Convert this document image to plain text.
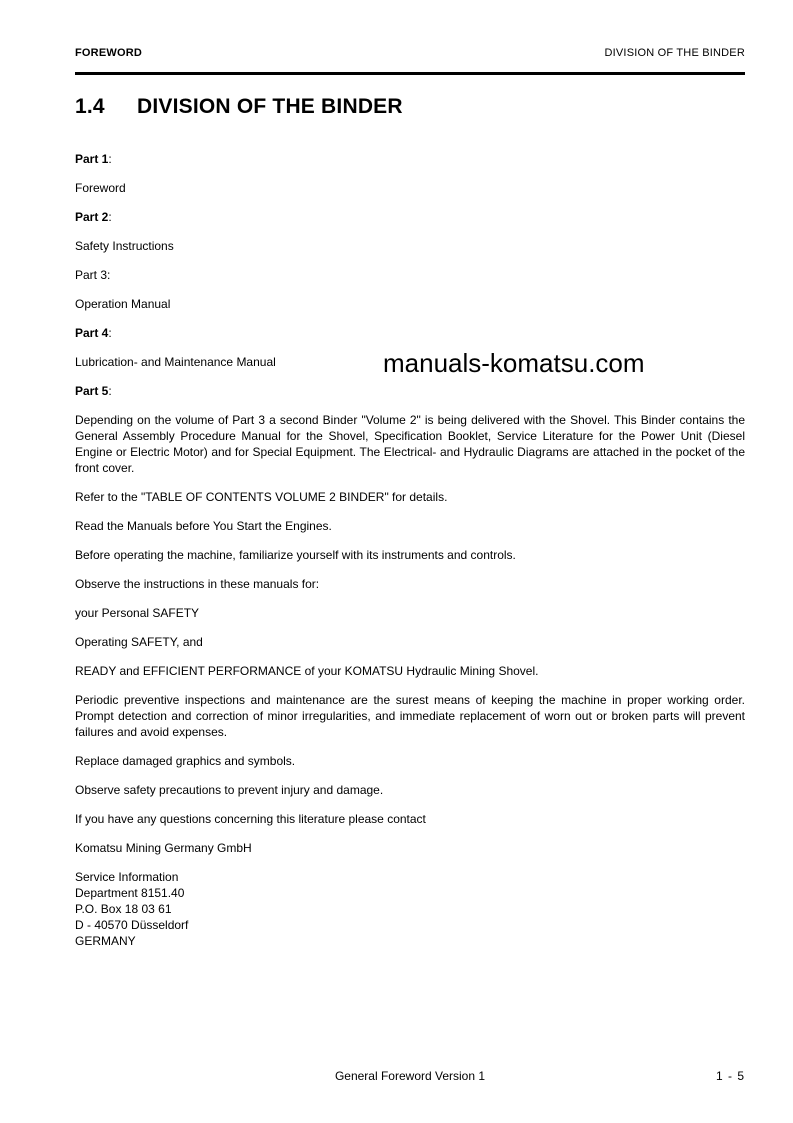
FOREWORD	DIVISION OF THE BINDER
1.4 DIVISION OF THE BINDER
manuals-komatsu.com

Part 1:

Foreword

Part 2:

Safety Instructions

Part 3:

Operation Manual

Part 4:

Lubrication- and Maintenance Manual

Part 5:

Depending on the volume of Part 3 a second Binder "Volume 2" is being delivered with the Shovel. This Binder contains the General Assembly Procedure Manual for the Shovel, Specification Booklet, Service Literature for the Power Unit (Diesel Engine or Electric Motor) and for Special Equipment. The Electrical- and Hydraulic Diagrams are attached in the pocket of the front cover.

Refer to the "TABLE OF CONTENTS VOLUME 2 BINDER" for details.

Read the Manuals before You Start the Engines.

Before operating the machine, familiarize yourself with its instruments and controls.

Observe the instructions in these manuals for:

your Personal SAFETY

Operating SAFETY, and

READY and EFFICIENT PERFORMANCE of your KOMATSU Hydraulic Mining Shovel.

Periodic preventive inspections and maintenance are the surest means of keeping the machine in proper working order. Prompt detection and correction of minor irregularities, and immediate replacement of worn out or broken parts will prevent failures and avoid expenses.

Replace damaged graphics and symbols.

Observe safety precautions to prevent injury and damage.

If you have any questions concerning this literature please contact

Komatsu Mining Germany GmbH

Service Information
Department 8151.40
P.O. Box 18 03 61
D - 40570 Düsseldorf
GERMANY
General Foreword Version 1	1 - 5
